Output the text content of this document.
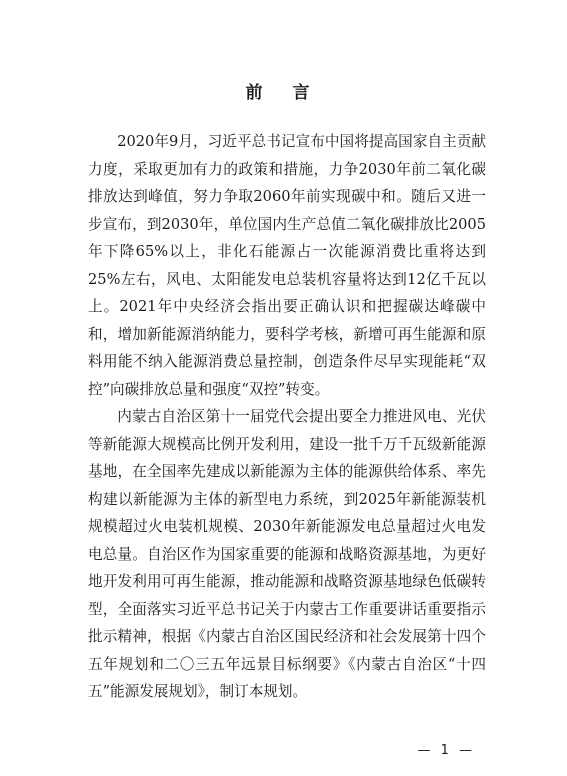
前 言

2020年9月，习近平总书记宣布中国将提高国家自主贡献力度，采取更加有力的政策和措施，力争2030年前二氧化碳排放达到峰值，努力争取2060年前实现碳中和。随后又进一步宣布，到2030年，单位国内生产总值二氧化碳排放比2005年下降65%以上，非化石能源占一次能源消费比重将达到25%左右，风电、太阳能发电总装机容量将达到12亿千瓦以上。2021年中央经济会指出要正确认识和把握碳达峰碳中和，增加新能源消纳能力，要科学考核，新增可再生能源和原料用能不纳入能源消费总量控制，创造条件尽早实现能耗“双控”向碳排放总量和强度“双控”转变。

内蒙古自治区第十一届党代会提出要全力推进风电、光伏等新能源大规模高比例开发利用，建设一批千万千瓦级新能源基地，在全国率先建成以新能源为主体的能源供给体系、率先构建以新能源为主体的新型电力系统，到2025年新能源装机规模超过火电装机规模、2030年新能源发电总量超过火电发电总量。自治区作为国家重要的能源和战略资源基地，为更好地开发利用可再生能源，推动能源和战略资源基地绿色低碳转型，全面落实习近平总书记关于内蒙古工作重要讲话重要指示批示精神，根据《内蒙古自治区国民经济和社会发展第十四个五年规划和二〇三五年远景目标纲要》《内蒙古自治区“十四五”能源发展规划》，制订本规划。

— 1 —
